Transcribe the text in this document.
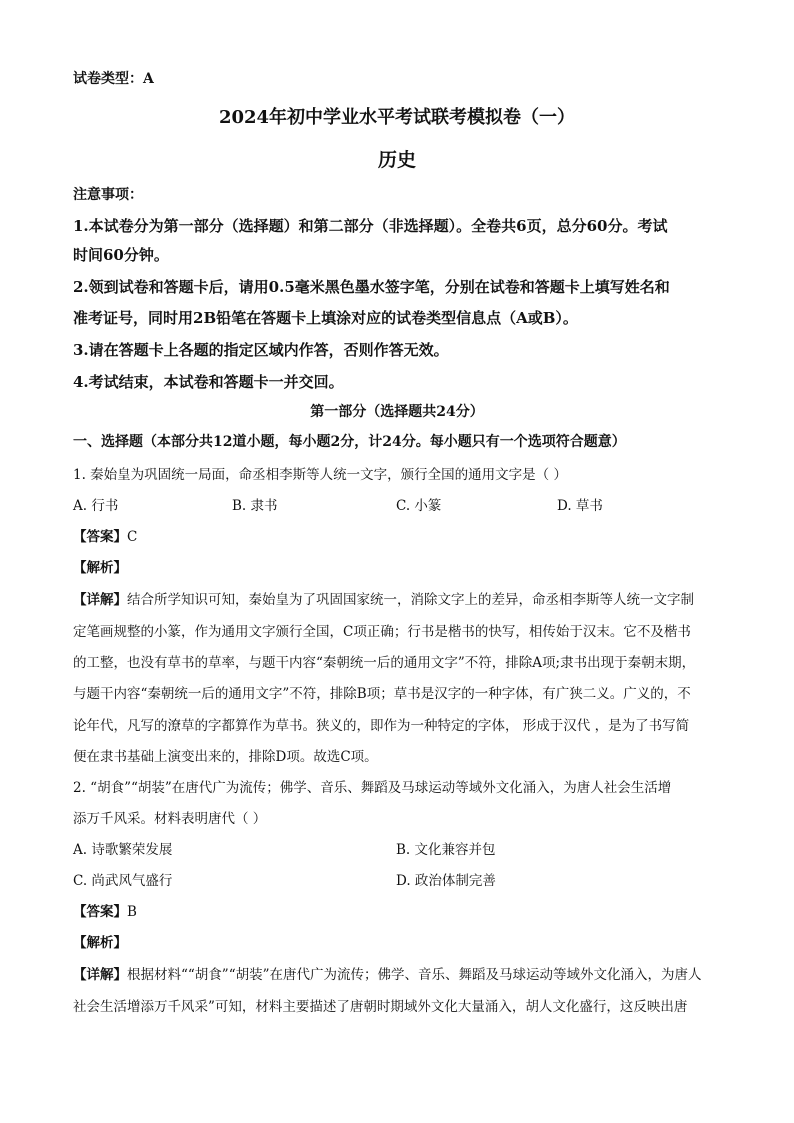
试卷类型：A
2024年初中学业水平考试联考模拟卷（一）
历史
注意事项：
1.本试卷分为第一部分（选择题）和第二部分（非选择题）。全卷共6页，总分60分。考试
时间60分钟。
2.领到试卷和答题卡后，请用0.5毫米黑色墨水签字笔，分别在试卷和答题卡上填写姓名和
准考证号，同时用2B铅笔在答题卡上填涂对应的试卷类型信息点（A或B）。
3.请在答题卡上各题的指定区域内作答，否则作答无效。
4.考试结束，本试卷和答题卡一并交回。
第一部分（选择题共24分）
一、选择题（本部分共12道小题，每小题2分，计24分。每小题只有一个选项符合题意）
1. 秦始皇为巩固统一局面，命丞相李斯等人统一文字，颁行全国的通用文字是（ ）
A. 行书	B. 隶书	C. 小篆	D. 草书
【答案】C
【解析】
【详解】结合所学知识可知，秦始皇为了巩固国家统一，消除文字上的差异，命丞相李斯等人统一文字制
定笔画规整的小篆，作为通用文字颁行全国，C项正确；行书是楷书的快写，相传始于汉末。它不及楷书
的工整，也没有草书的草率，与题干内容“秦朝统一后的通用文字”不符，排除A项;隶书出现于秦朝末期，
与题干内容“秦朝统一后的通用文字”不符，排除B项；草书是汉字的一种字体，有广狭二义。广义的，不
论年代，凡写的潦草的字都算作为草书。狭义的，即作为一种特定的字体， 形成于汉代 ，是为了书写简
便在隶书基础上演变出来的，排除D项。故选C项。
2. “胡食”“胡装”在唐代广为流传；佛学、音乐、舞蹈及马球运动等域外文化涌入，为唐人社会生活增
添万千风采。材料表明唐代（ ）
A. 诗歌繁荣发展	B. 文化兼容并包
C. 尚武风气盛行	D. 政治体制完善
【答案】B
【解析】
【详解】根据材料““胡食”“胡装”在唐代广为流传；佛学、音乐、舞蹈及马球运动等域外文化涌入，为唐人
社会生活增添万千风采”可知，材料主要描述了唐朝时期域外文化大量涌入，胡人文化盛行，这反映出唐
